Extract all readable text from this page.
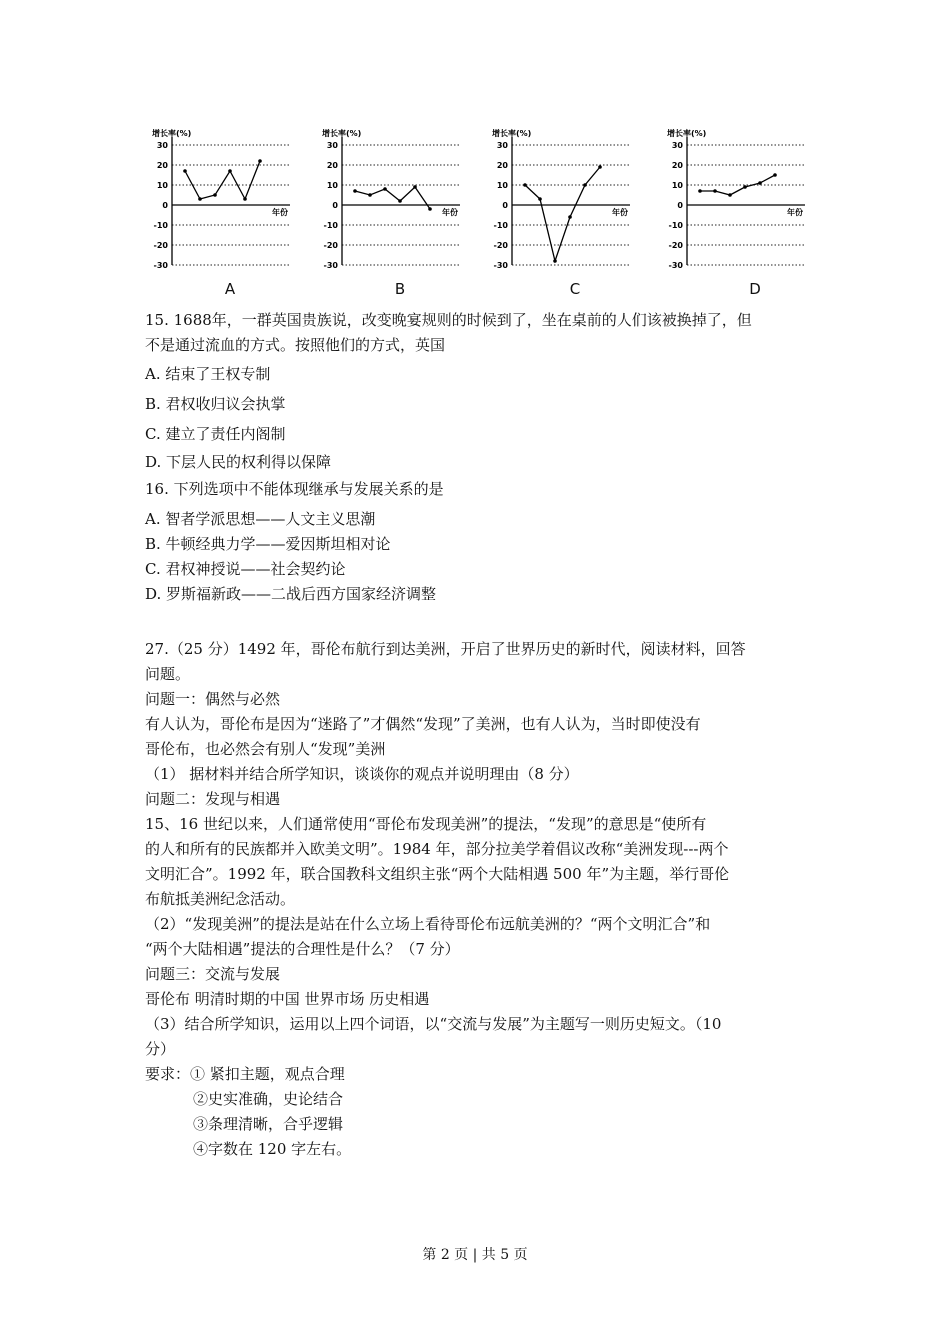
增长率(%)
30
20
10
0
-10
-20
-30
年份
A
增长率(%)
30
20
10
0
-10
-20
-30
年份
B
增长率(%)
30
20
10
0
-10
-20
-30
年份
C
增长率(%)
30
20
10
0
-10
-20
-30
年份
D
15. 1688年，一群英国贵族说，改变晚宴规则的时候到了，坐在桌前的人们该被换掉了，但
不是通过流血的方式。按照他们的方式，英国
A. 结束了王权专制
B. 君权收归议会执掌
C. 建立了责任内阁制
D. 下层人民的权利得以保障
16. 下列选项中不能体现继承与发展关系的是
A. 智者学派思想——人文主义思潮
B. 牛顿经典力学——爱因斯坦相对论
C. 君权神授说——社会契约论
D. 罗斯福新政——二战后西方国家经济调整
27.（25 分）1492 年，哥伦布航行到达美洲，开启了世界历史的新时代，阅读材料，回答
问题。
问题一：偶然与必然
有人认为，哥伦布是因为“迷路了”才偶然“发现”了美洲，也有人认为，当时即使没有
哥伦布，也必然会有别人“发现”美洲
（1） 据材料并结合所学知识，谈谈你的观点并说明理由（8 分）
问题二：发现与相遇
15、16 世纪以来，人们通常使用“哥伦布发现美洲”的提法，“发现”的意思是“使所有
的人和所有的民族都并入欧美文明”。1984 年，部分拉美学着倡议改称“美洲发现---两个
文明汇合”。1992 年，联合国教科文组织主张“两个大陆相遇 500 年”为主题，举行哥伦
布航抵美洲纪念活动。
（2）“发现美洲”的提法是站在什么立场上看待哥伦布远航美洲的？“两个文明汇合”和
“两个大陆相遇”提法的合理性是什么？（7 分）
问题三：交流与发展
哥伦布 明清时期的中国 世界市场 历史相遇
（3）结合所学知识，运用以上四个词语，以“交流与发展”为主题写一则历史短文。（10
分）
要求：① 紧扣主题，观点合理
②史实准确，史论结合
③条理清晰，合乎逻辑
④字数在 120 字左右。
第 2 页 | 共 5 页
